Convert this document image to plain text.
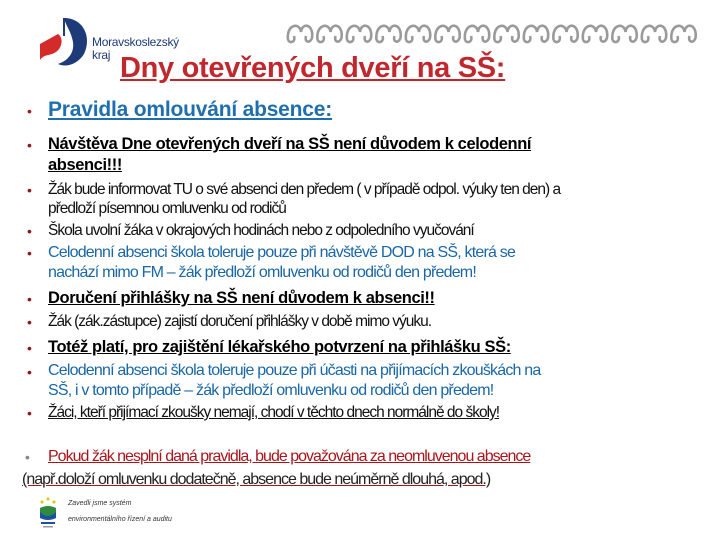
Moravskoslezský
kraj Dny otevřených dveří na SŠ:
• Pravidla omlouvání absence:
• Návštěva Dne otevřených dveří na SŠ není důvodem k celodenní
absenci!!!
• Žák bude informovat TU o své absenci den předem ( v případě odpol. výuky ten den) a
předloží písemnou omluvenku od rodičů
• Škola uvolní žáka v okrajových hodinách nebo z odpoledního vyučování
• Celodenní absenci škola toleruje pouze při návštěvě DOD na SŠ, která se
nachází mimo FM – žák předloží omluvenku od rodičů den předem!
• Doručení přihlášky na SŠ není důvodem k absenci!!
• Žák (zák.zástupce) zajistí doručení přihlášky v době mimo výuku.
• Totéž platí, pro zajištění lékařského potvrzení na přihlášku SŠ:
• Celodenní absenci škola toleruje pouze při účasti na přijímacích zkouškách na
SŠ, i v tomto případě – žák předloží omluvenku od rodičů den předem!
• Žáci, kteří přijímací zkoušky nemají, chodí v těchto dnech normálně do školy!
• Pokud žák nesplní daná pravidla, bude považována za neomluvenou absence
(např.doloží omluvenku dodatečně, absence bude neúměrně dlouhá, apod.)
Zavedli jsme systém
environmentálního řízení a auditu
